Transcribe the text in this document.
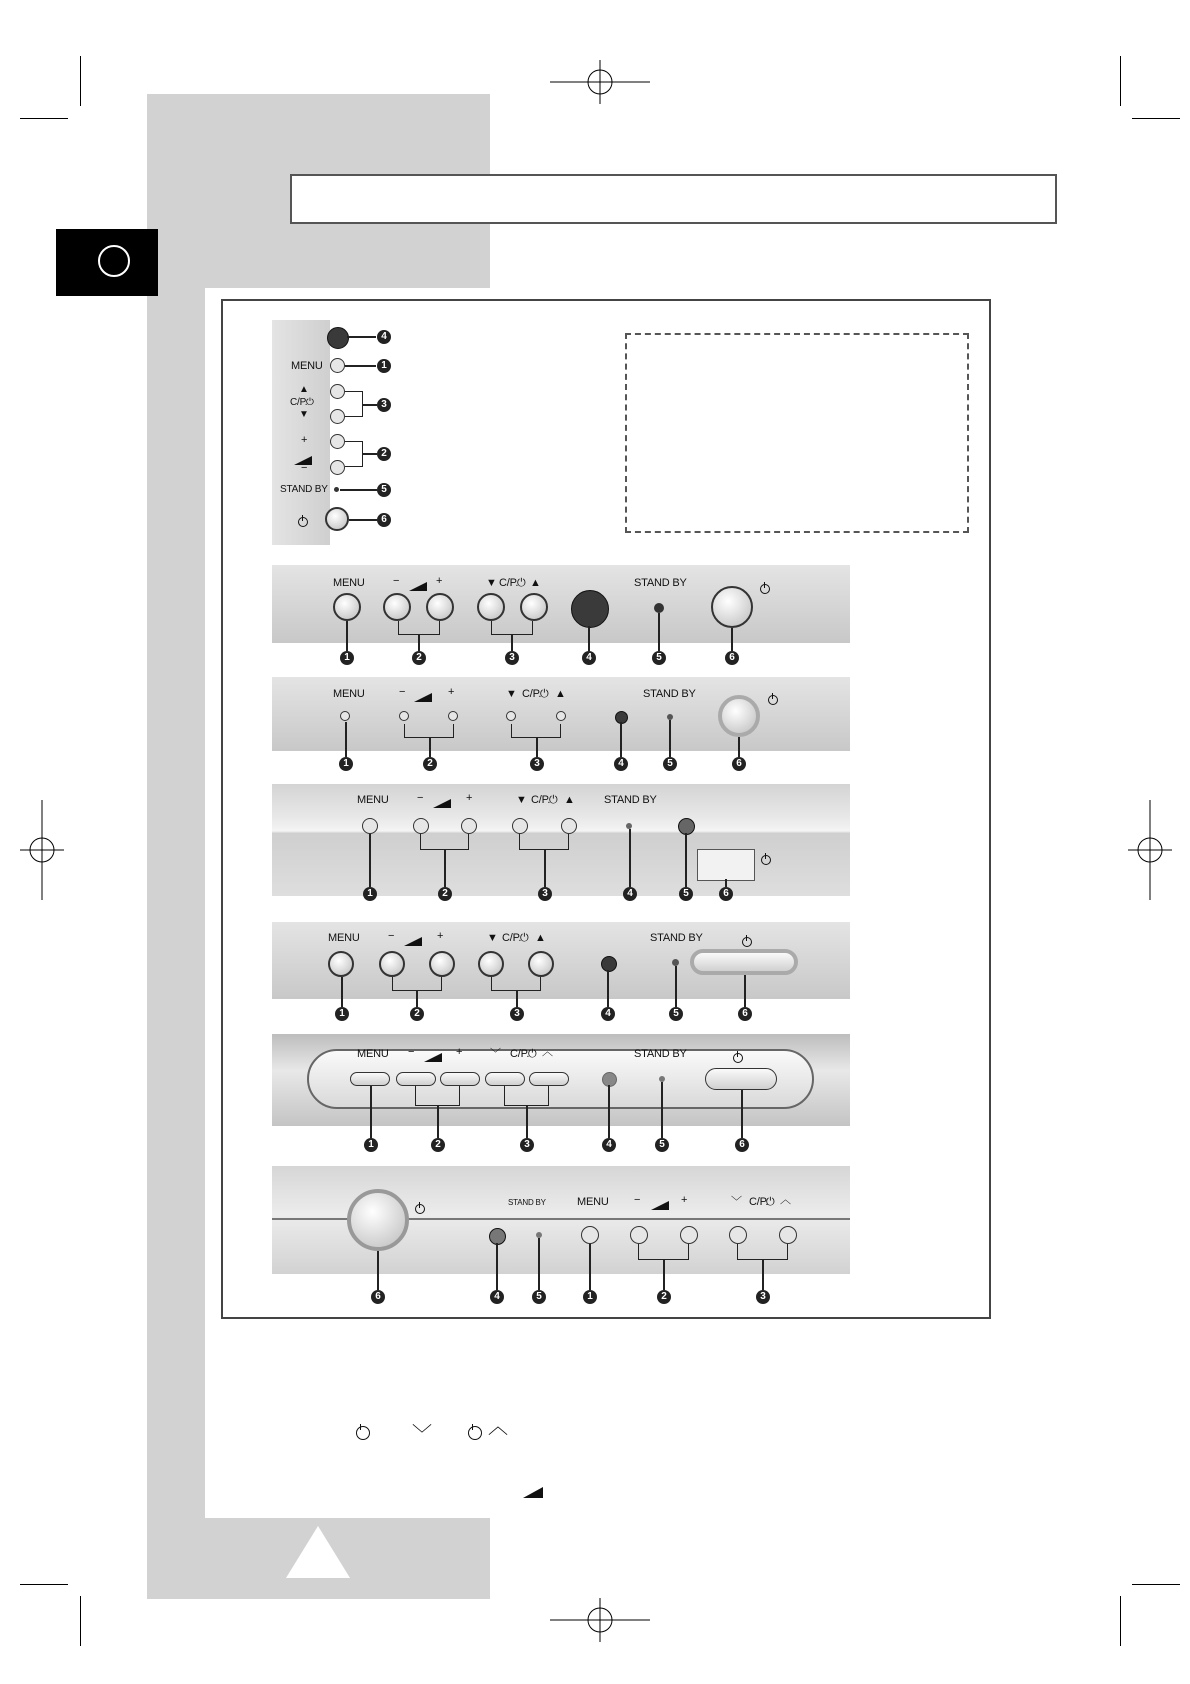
MENU
▲
C/P.
⏻
▼
+
−
STAND BY
4
1
3
2
5
6
MENU	−	+	▼ C/P.
⏻ ▲	STAND BY
1	2	3	4	5	6
MENU	−	+	▼ C/P.
⏻ ▲	STAND BY
1	2	3	4	5	6
MENU	−	+	▼ C/P.
⏻ ▲	STAND BY
1	2	3	4	5	6
MENU	−	+	▼ C/P.
⏻ ▲	STAND BY
1	2	3	4	5	6
MENU −	+	﹀ C/P.
⏻ ︿	STAND BY
1	2	3	4	5	6
STAND BY	MENU −	+	﹀ C/P.
⏻ ︿
6	4	5	1	2	3
﹀	︿
